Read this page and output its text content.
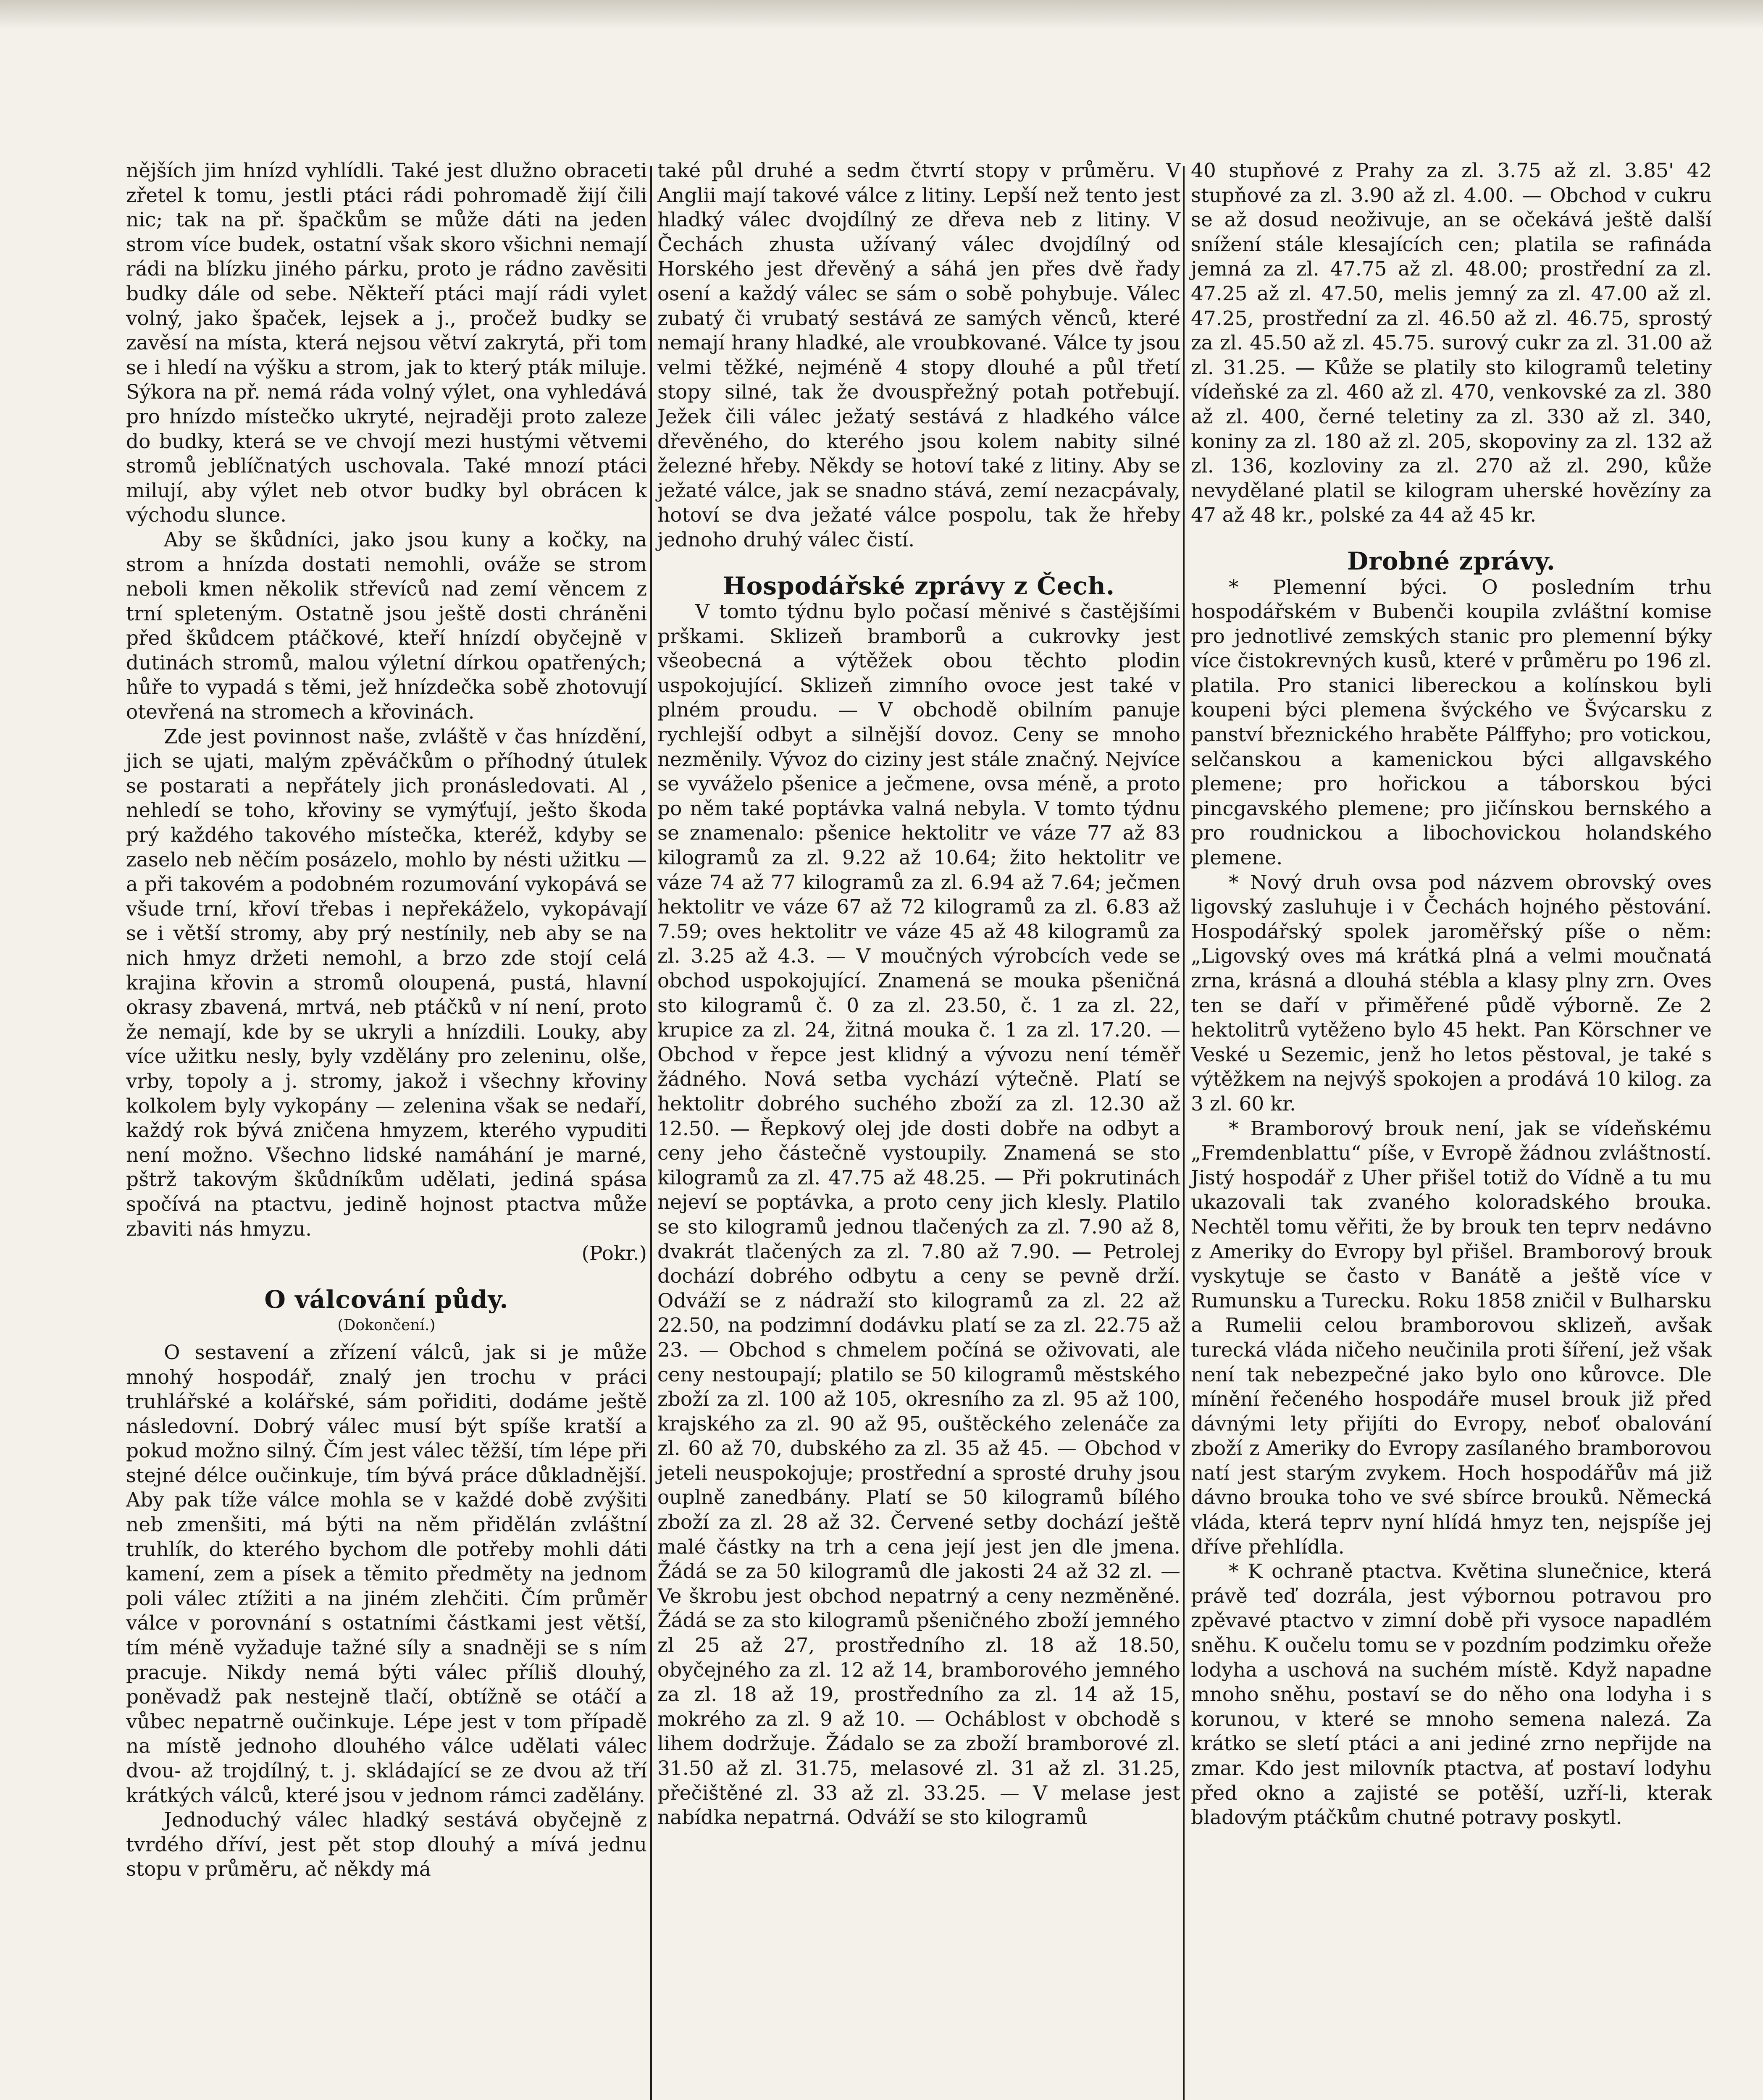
nějších jim hnízd vyhlídli. Také jest dlužno obraceti zřetel k tomu, jestli ptáci rádi pohromadě žijí čili nic; tak na př. špačkům se může dáti na jeden strom více budek, ostatní však skoro všichni nemají rádi na blízku jiného párku, proto je rádno zavěsiti budky dále od sebe. Někteří ptáci mají rádi vylet volný, jako špaček, lejsek a j., pročež budky se zavěsí na místa, která nejsou větví zakrytá, při tom se i hledí na výšku a strom, jak to který pták miluje. Sýkora na př. nemá ráda volný výlet, ona vyhledává pro hnízdo místečko ukryté, nejraději proto zaleze do budky, která se ve chvojí mezi hustými větvemi stromů jeblíčnatých uschovala. Také mnozí ptáci milují, aby výlet neb otvor budky byl obrácen k východu slunce.

Aby se škůdníci, jako jsou kuny a kočky, na strom a hnízda dostati nemohli, ováže se strom neboli kmen několik střevíců nad zemí věncem z trní spleteným. Ostatně jsou ještě dosti chráněni před škůdcem ptáčkové, kteří hnízdí obyčejně v dutinách stromů, malou výletní dírkou opatřených; hůře to vypadá s těmi, jež hnízdečka sobě zhotovují otevřená na stromech a křovinách.

Zde jest povinnost naše, zvláště v čas hnízdění, jich se ujati, malým zpěváčkům o příhodný útulek se postarati a nepřátely jich pronásledovati. Al , nehledí se toho, křoviny se vymýťují, ješto škoda prý každého takového místečka, kteréž, kdyby se zaselo neb něčím posázelo, mohlo by nésti užitku — a při takovém a podobném rozumování vykopává se všude trní, křoví třebas i nepřekáželo, vykopávají se i větší stromy, aby prý nestínily, neb aby se na nich hmyz držeti nemohl, a brzo zde stojí celá krajina křovin a stromů oloupená, pustá, hlavní okrasy zbavená, mrtvá, neb ptáčků v ní není, proto že nemají, kde by se ukryli a hnízdili. Louky, aby více užitku nesly, byly vzdělány pro zeleninu, olše, vrby, topoly a j. stromy, jakož i všechny křoviny kolkolem byly vykopány — zelenina však se nedaří, každý rok bývá zničena hmyzem, kterého vypuditi není možno. Všechno lidské namáhání je marné, pštrž takovým škůdníkům udělati, jediná spása spočívá na ptactvu, jedině hojnost ptactva může zbaviti nás hmyzu.

(Pokr.)

O válcování půdy.
(Dokončení.)

O sestavení a zřízení válců, jak si je může mnohý hospodář, znalý jen trochu v práci truhlářské a kolářské, sám pořiditi, dodáme ještě následovní. Dobrý válec musí být spíše kratší a pokud možno silný. Čím jest válec těžší, tím lépe při stejné délce oučinkuje, tím bývá práce důkladnější. Aby pak tíže válce mohla se v každé době zvýšiti neb zmenšiti, má býti na něm přidělán zvláštní truhlík, do kterého bychom dle potřeby mohli dáti kamení, zem a písek a těmito předměty na jednom poli válec ztížiti a na jiném zlehčiti. Čím průměr válce v porovnání s ostatními částkami jest větší, tím méně vyžaduje tažné síly a snadněji se s ním pracuje. Nikdy nemá býti válec příliš dlouhý, poněvadž pak nestejně tlačí, obtížně se otáčí a vůbec nepatrně oučinkuje. Lépe jest v tom případě na místě jednoho dlouhého válce udělati válec dvou- až trojdílný, t. j. skládající se ze dvou až tří krátkých válců, které jsou v jednom rámci zadělány.

Jednoduchý válec hladký sestává obyčejně z tvrdého dříví, jest pět stop dlouhý a mívá jednu stopu v průměru, ač někdy má

také půl druhé a sedm čtvrtí stopy v průměru. V Anglii mají takové válce z litiny. Lepší než tento jest hladký válec dvojdílný ze dřeva neb z litiny. V Čechách zhusta užívaný válec dvojdílný od Horského jest dřevěný a sáhá jen přes dvě řady osení a každý válec se sám o sobě pohybuje. Válec zubatý či vrubatý sestává ze samých věnců, které nemají hrany hladké, ale vroubkované. Válce ty jsou velmi těžké, nejméně 4 stopy dlouhé a půl třetí stopy silné, tak že dvouspřežný potah potřebují. Ježek čili válec ježatý sestává z hladkého válce dřevěného, do kterého jsou kolem nabity silné železné hřeby. Někdy se hotoví také z litiny. Aby se ježaté válce, jak se snadno stává, zemí nezacpávaly, hotoví se dva ježaté válce pospolu, tak že hřeby jednoho druhý válec čistí.

Hospodářské zprávy z Čech.

V tomto týdnu bylo počasí měnivé s častějšími prškami. Sklizeň bramborů a cukrovky jest všeobecná a výtěžek obou těchto plodin uspokojující. Sklizeň zimního ovoce jest také v plném proudu. — V obchodě obilním panuje rychlejší odbyt a silnější dovoz. Ceny se mnoho nezměnily. Vývoz do ciziny jest stále značný. Nejvíce se vyváželo pšenice a ječmene, ovsa méně, a proto po něm také poptávka valná nebyla. V tomto týdnu se znamenalo: pšenice hektolitr ve váze 77 až 83 kilogramů za zl. 9.22 až 10.64; žito hektolitr ve váze 74 až 77 kilogramů za zl. 6.94 až 7.64; ječmen hektolitr ve váze 67 až 72 kilogramů za zl. 6.83 až 7.59; oves hektolitr ve váze 45 až 48 kilogramů za zl. 3.25 až 4.3. — V moučných výrobcích vede se obchod uspokojující. Znamená se mouka pšeničná sto kilogramů č. 0 za zl. 23.50, č. 1 za zl. 22, krupice za zl. 24, žitná mouka č. 1 za zl. 17.20. — Obchod v řepce jest klidný a vývozu není téměř žádného. Nová setba vychází výtečně. Platí se hektolitr dobrého suchého zboží za zl. 12.30 až 12.50. — Řepkový olej jde dosti dobře na odbyt a ceny jeho částečně vystoupily. Znamená se sto kilogramů za zl. 47.75 až 48.25. — Při pokrutinách nejeví se poptávka, a proto ceny jich klesly. Platilo se sto kilogramů jednou tlačených za zl. 7.90 až 8, dvakrát tlačených za zl. 7.80 až 7.90. — Petrolej dochází dobrého odbytu a ceny se pevně drží. Odváží se z nádraží sto kilogramů za zl. 22 až 22.50, na podzimní dodávku platí se za zl. 22.75 až 23. — Obchod s chmelem počíná se oživovati, ale ceny nestoupají; platilo se 50 kilogramů městského zboží za zl. 100 až 105, okresního za zl. 95 až 100, krajského za zl. 90 až 95, ouštěckého zelenáče za zl. 60 až 70, dubského za zl. 35 až 45. — Obchod v jeteli neuspokojuje; prostřední a sprosté druhy jsou ouplně zanedbány. Platí se 50 kilogramů bílého zboží za zl. 28 až 32. Červené setby dochází ještě malé částky na trh a cena její jest jen dle jmena. Žádá se za 50 kilogramů dle jakosti 24 až 32 zl. — Ve škrobu jest obchod nepatrný a ceny nezměněné. Žádá se za sto kilogramů pšeničného zboží jemného zl 25 až 27, prostředního zl. 18 až 18.50, obyčejného za zl. 12 až 14, bramborového jemného za zl. 18 až 19, prostředního za zl. 14 až 15, mokrého za zl. 9 až 10. — Ocháblost v obchodě s lihem dodržuje. Žádalo se za zboží bramborové zl. 31.50 až zl. 31.75, melasové zl. 31 až zl. 31.25, přečištěné zl. 33 až zl. 33.25. — V melase jest nabídka nepatrná. Odváží se sto kilogramů

40 stupňové z Prahy za zl. 3.75 až zl. 3.85' 42 stupňové za zl. 3.90 až zl. 4.00. — Obchod v cukru se až dosud neoživuje, an se očekává ještě další snížení stále klesajících cen; platila se rafináda jemná za zl. 47.75 až zl. 48.00; prostřední za zl. 47.25 až zl. 47.50, melis jemný za zl. 47.00 až zl. 47.25, prostřední za zl. 46.50 až zl. 46.75, sprostý za zl. 45.50 až zl. 45.75. surový cukr za zl. 31.00 až zl. 31.25. — Kůže se platily sto kilogramů teletiny vídeňské za zl. 460 až zl. 470, venkovské za zl. 380 až zl. 400, černé teletiny za zl. 330 až zl. 340, koniny za zl. 180 až zl. 205, skopoviny za zl. 132 až zl. 136, kozloviny za zl. 270 až zl. 290, kůže nevydělané platil se kilogram uherské hovězíny za 47 až 48 kr., polské za 44 až 45 kr.

Drobné zprávy.

* Plemenní býci. O posledním trhu hospodářském v Bubenči koupila zvláštní komise pro jednotlivé zemských stanic pro plemenní býky více čistokrevných kusů, které v průměru po 196 zl. platila. Pro stanici libereckou a kolínskou byli koupeni býci plemena švýckého ve Švýcarsku z panství březnického hraběte Pálffyho; pro votickou, selčanskou a kamenickou býci allgavského plemene; pro hořickou a táborskou býci pincgavského plemene; pro jičínskou bernského a pro roudnickou a libochovickou holandského plemene.

* Nový druh ovsa pod názvem obrovský oves ligovský zasluhuje i v Čechách hojného pěstování. Hospodářský spolek jaroměřský píše o něm: „Ligovský oves má krátká plná a velmi moučnatá zrna, krásná a dlouhá stébla a klasy plny zrn. Oves ten se daří v přiměřené půdě výborně. Ze 2 hektolitrů vytěženo bylo 45 hekt. Pan Körschner ve Veské u Sezemic, jenž ho letos pěstoval, je také s výtěžkem na nejvýš spokojen a prodává 10 kilog. za 3 zl. 60 kr.

* Bramborový brouk není, jak se vídeňskému „Fremdenblattu“ píše, v Evropě žádnou zvláštností. Jistý hospodář z Uher přišel totiž do Vídně a tu mu ukazovali tak zvaného koloradského brouka. Nechtěl tomu věřiti, že by brouk ten teprv nedávno z Ameriky do Evropy byl přišel. Bramborový brouk vyskytuje se často v Banátě a ještě více v Rumunsku a Turecku. Roku 1858 zničil v Bulharsku a Rumelii celou bramborovou sklizeň, avšak turecká vláda ničeho neučinila proti šíření, jež však není tak nebezpečné jako bylo ono kůrovce. Dle mínění řečeného hospodáře musel brouk již před dávnými lety přijíti do Evropy, neboť obalování zboží z Ameriky do Evropy zasílaného bramborovou natí jest starým zvykem. Hoch hospodářův má již dávno brouka toho ve své sbírce brouků. Německá vláda, která teprv nyní hlídá hmyz ten, nejspíše jej dříve přehlídla.

* K ochraně ptactva. Květina slunečnice, která právě teď dozrála, jest výbornou potravou pro zpěvavé ptactvo v zimní době při vysoce napadlém sněhu. K oučelu tomu se v pozdním podzimku ořeže lodyha a uschová na suchém místě. Když napadne mnoho sněhu, postaví se do něho ona lodyha i s korunou, v které se mnoho semena nalezá. Za krátko se sletí ptáci a ani jediné zrno nepřijde na zmar. Kdo jest milovník ptactva, ať postaví lodyhu před okno a zajisté se potěší, uzří-li, kterak bladovým ptáčkům chutné potravy poskytl.
